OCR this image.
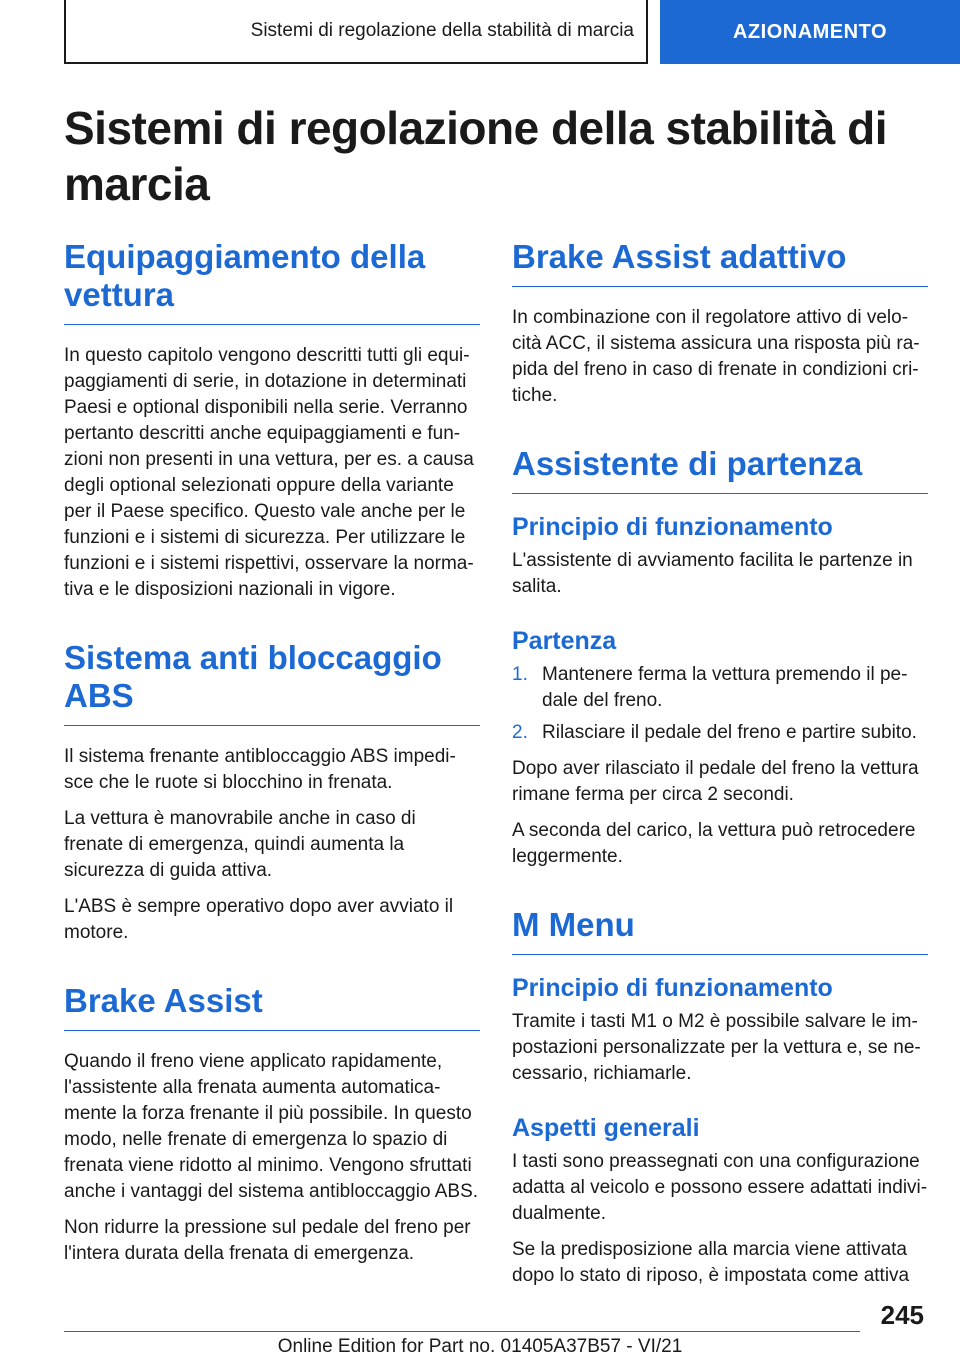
Sistemi di regolazione della stabilità di marcia	AZIONAMENTO
Sistemi di regolazione della stabilità di marcia
Equipaggiamento della vettura

In questo capitolo vengono descritti tutti gli equi-paggiamenti di serie, in dotazione in determinati Paesi e optional disponibili nella serie. Verranno pertanto descritti anche equipaggiamenti e fun-zioni non presenti in una vettura, per es. a causa degli optional selezionati oppure della variante per il Paese specifico. Questo vale anche per le funzioni e i sistemi di sicurezza. Per utilizzare le funzioni e i sistemi rispettivi, osservare la norma-tiva e le disposizioni nazionali in vigore.

Sistema anti bloccaggio ABS

Il sistema frenante antibloccaggio ABS impedi-sce che le ruote si blocchino in frenata.

La vettura è manovrabile anche in caso di frenate di emergenza, quindi aumenta la sicurezza di guida attiva.

L'ABS è sempre operativo dopo aver avviato il motore.

Brake Assist

Quando il freno viene applicato rapidamente, l'assistente alla frenata aumenta automatica-mente la forza frenante il più possibile. In questo modo, nelle frenate di emergenza lo spazio di frenata viene ridotto al minimo. Vengono sfruttati anche i vantaggi del sistema antibloccaggio ABS.

Non ridurre la pressione sul pedale del freno per l'intera durata della frenata di emergenza.

Brake Assist adattivo

In combinazione con il regolatore attivo di velo-cità ACC, il sistema assicura una risposta più ra-pida del freno in caso di frenate in condizioni cri-tiche.

Assistente di partenza
Principio di funzionamento

L'assistente di avviamento facilita le partenze in salita.

Partenza
1. Mantenere ferma la vettura premendo il pe-dale del freno.
2. Rilasciare il pedale del freno e partire subito.

Dopo aver rilasciato il pedale del freno la vettura rimane ferma per circa 2 secondi.

A seconda del carico, la vettura può retrocedere leggermente.

M Menu
Principio di funzionamento

Tramite i tasti M1 o M2 è possibile salvare le im-postazioni personalizzate per la vettura e, se ne-cessario, richiamarle.

Aspetti generali

I tasti sono preassegnati con una configurazione adatta al veicolo e possono essere adattati indivi-dualmente.

Se la predisposizione alla marcia viene attivata dopo lo stato di riposo, è impostata come attiva

245
Online Edition for Part no. 01405A37B57 - VI/21
